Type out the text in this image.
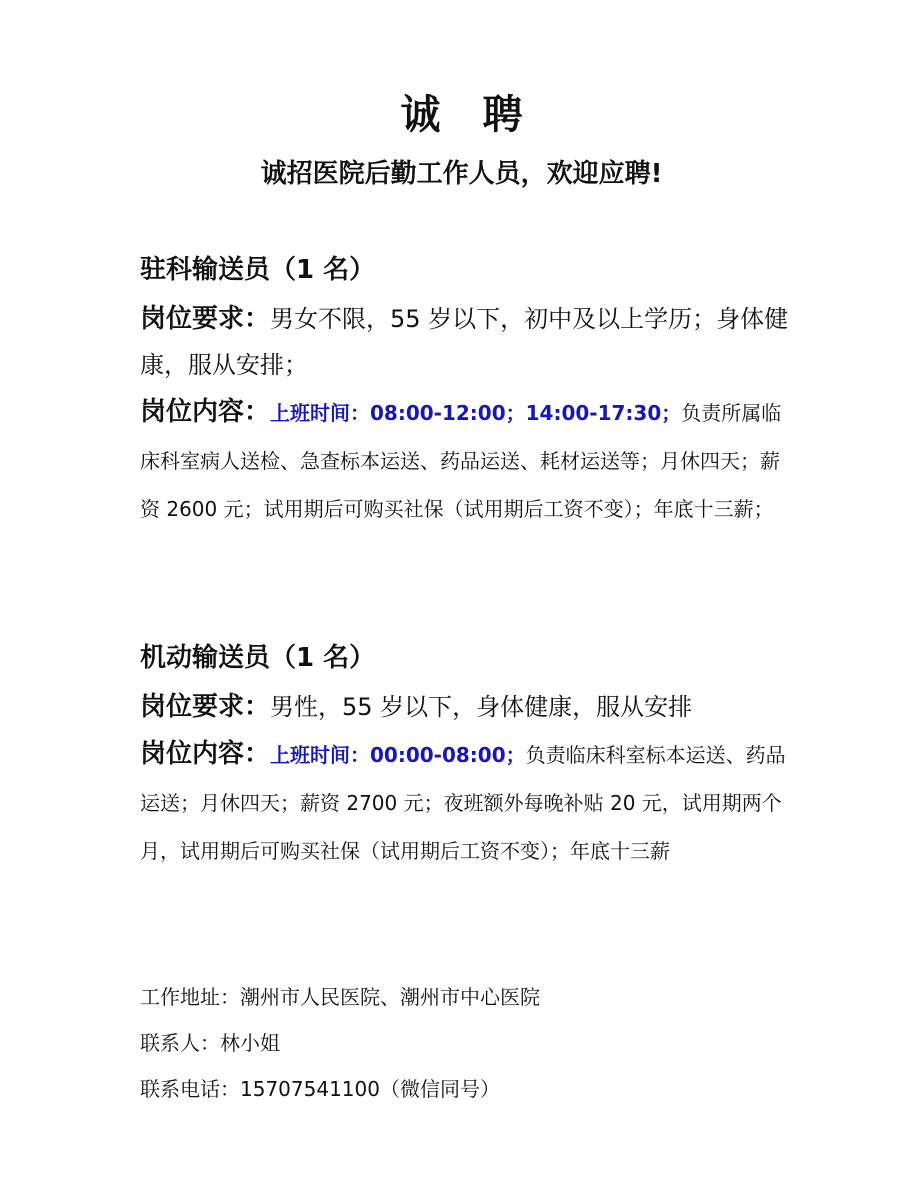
诚 聘
诚招医院后勤工作人员，欢迎应聘!
驻科输送员（1 名）

岗位要求：男女不限，55 岁以下，初中及以上学历；身体健康，服从安排；

岗位内容：上班时间：08:00-12:00；14:00-17:30；负责所属临床科室病人送检、急查标本运送、药品运送、耗材运送等；月休四天；薪资 2600 元；试用期后可购买社保（试用期后工资不变）；年底十三薪；

机动输送员（1 名）

岗位要求：男性，55 岁以下，身体健康，服从安排

岗位内容：上班时间：00:00-08:00；负责临床科室标本运送、药品运送；月休四天；薪资 2700 元；夜班额外每晚补贴 20 元，试用期两个月，试用期后可购买社保（试用期后工资不变）；年底十三薪

工作地址：潮州市人民医院、潮州市中心医院

联系人：林小姐

联系电话：15707541100（微信同号）
